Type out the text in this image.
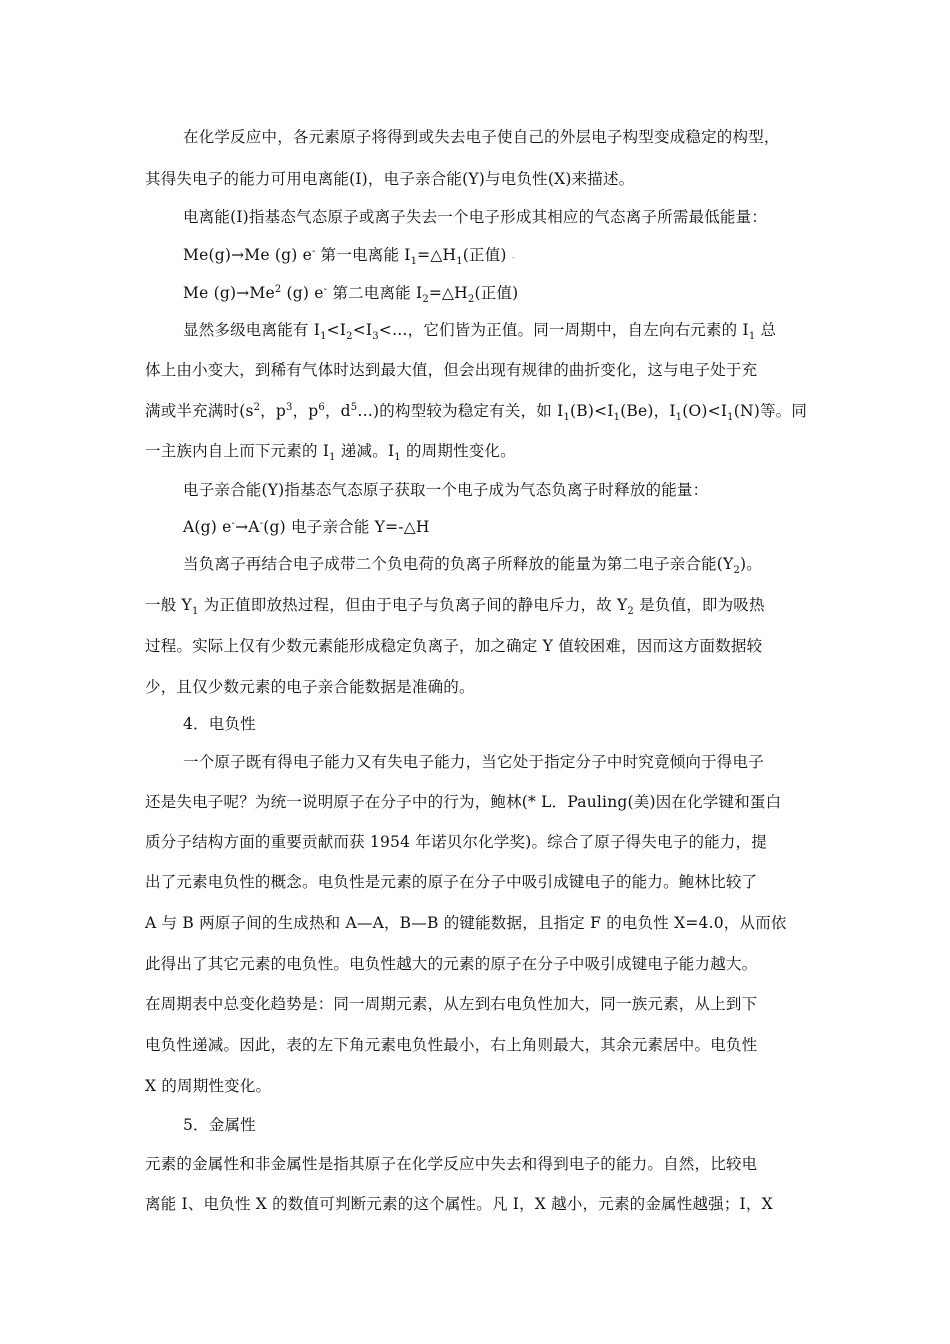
在化学反应中，各元素原子将得到或失去电子使自己的外层电子构型变成稳定的构型，
其得失电子的能力可用电离能(I)，电子亲合能(Y)与电负性(X)来描述。
电离能(I)指基态气态原子或离子失去一个电子形成其相应的气态离子所需最低能量：
Me(g)→Me (g) e- 第一电离能 $I_1=\triangle H_1$(正值) -
Me $(g)\to Me^2$ (g) e- 第二电离能 $I_2=\triangle H_2$(正值)
显然多级电离能有 $I_1<I_2<I_3<\dots$，它们皆为正值。同一周期中，自左向右元素的 $I_1$ 总
体上由小变大，到稀有气体时达到最大值，但会出现有规律的曲折变化，这与电子处于充
满或半充满时($s^2$，$p^3$，$p^6$，$d^5\dots$)的构型较为稳定有关，如 $I_1(B)<I_1(Be)$，$I_1(O)<I_1(N)$等。同
一主族内自上而下元素的 $I_1$ 递减。$I_1$ 的周期性变化。
电子亲合能(Y)指基态气态原子获取一个电子成为气态负离子时释放的能量：
A(g) e-→A-(g) 电子亲合能 Y=-△H
当负离子再结合电子成带二个负电荷的负离子所释放的能量为第二电子亲合能$(Y_2)$。
一般 $Y_1$ 为正值即放热过程，但由于电子与负离子间的静电斥力，故 $Y_2$ 是负值，即为吸热
过程。实际上仅有少数元素能形成稳定负离子，加之确定 Y 值较困难，因而这方面数据较
少，且仅少数元素的电子亲合能数据是准确的。
4．电负性
一个原子既有得电子能力又有失电子能力，当它处于指定分子中时究竟倾向于得电子
还是失电子呢？为统一说明原子在分子中的行为，鲍林(* L．Pauling(美)因在化学键和蛋白
质分子结构方面的重要贡献而获 1954 年诺贝尔化学奖)。综合了原子得失电子的能力，提
出了元素电负性的概念。电负性是元素的原子在分子中吸引成键电子的能力。鲍林比较了
A 与 B 两原子间的生成热和 A—A，B—B 的键能数据，且指定 F 的电负性 X=4.0，从而依
此得出了其它元素的电负性。电负性越大的元素的原子在分子中吸引成键电子能力越大。
在周期表中总变化趋势是：同一周期元素，从左到右电负性加大，同一族元素，从上到下
电负性递减。因此，表的左下角元素电负性最小，右上角则最大，其余元素居中。电负性
X 的周期性变化。
5．金属性
元素的金属性和非金属性是指其原子在化学反应中失去和得到电子的能力。自然，比较电
离能 I、电负性 X 的数值可判断元素的这个属性。凡 I，X 越小，元素的金属性越强；I，X
